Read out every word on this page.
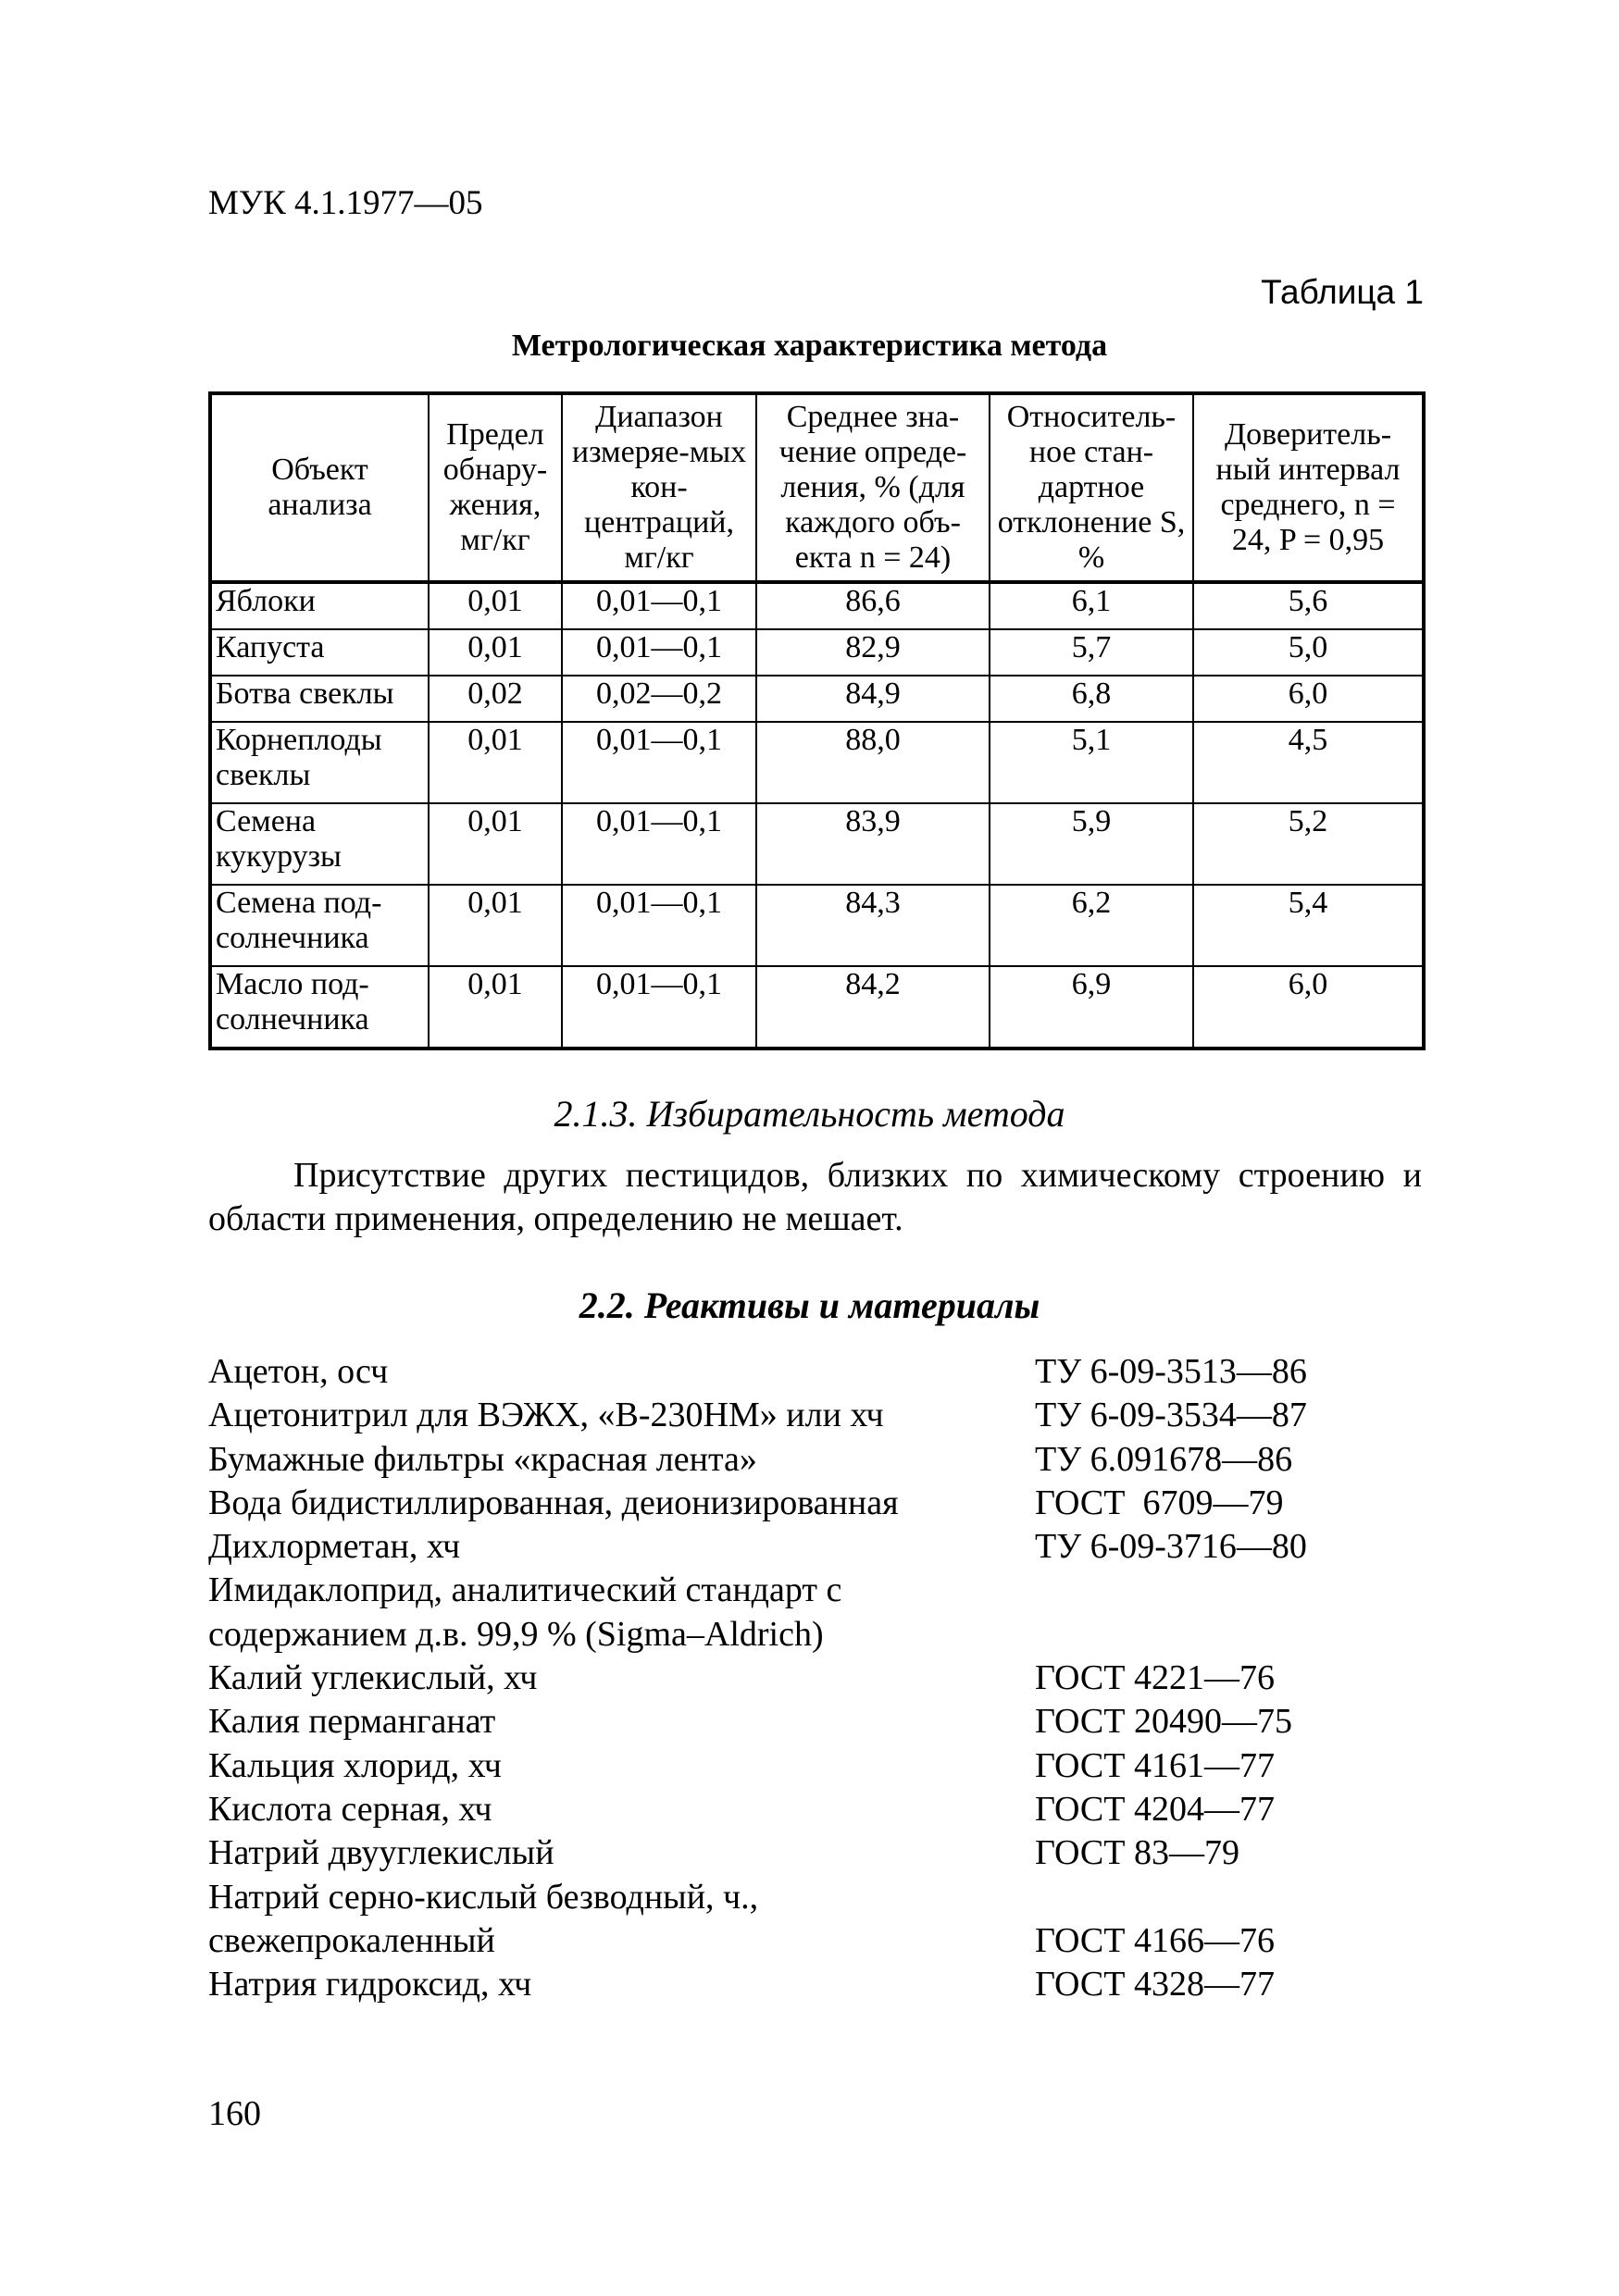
МУК 4.1.1977—05
Таблица 1
Метрологическая характеристика метода
Объект анализа	Предел обнару-жения, мг/кг	Диапазон измеряе-мых кон-центраций, мг/кг	Среднее зна-чение опреде-ления, % (для каждого объ-екта n = 24)	Относитель-ное стан-дартное отклонение S, %	Доверитель-ный интервал среднего, n = 24, P = 0,95
Яблоки	0,01	0,01—0,1	86,6	6,1	5,6
Капуста	0,01	0,01—0,1	82,9	5,7	5,0
Ботва свеклы	0,02	0,02—0,2	84,9	6,8	6,0
Корнеплоды свеклы	0,01	0,01—0,1	88,0	5,1	4,5
Семена кукурузы	0,01	0,01—0,1	83,9	5,9	5,2
Семена под-солнечника	0,01	0,01—0,1	84,3	6,2	5,4
Масло под-солнечника	0,01	0,01—0,1	84,2	6,9	6,0
2.1.3. Избирательность метода

Присутствие других пестицидов, близких по химическому строению и области применения, определению не мешает.

2.2. Реактивы и материалы
Ацетон, осч	ТУ 6-09-3513—86
Ацетонитрил для ВЭЖХ, «В-230НМ» или хч	ТУ 6-09-3534—87
Бумажные фильтры «красная лента»	ТУ 6.091678—86
Вода бидистиллированная, деионизированная	ГОСТ  6709—79
Дихлорметан, хч	ТУ 6-09-3716—80
Имидаклоприд, аналитический стандарт с содержанием д.в. 99,9 % (Sigma–Aldrich)
Калий углекислый, хч	ГОСТ 4221—76
Калия перманганат	ГОСТ 20490—75
Кальция хлорид, хч	ГОСТ 4161—77
Кислота серная, хч	ГОСТ 4204—77
Натрий двууглекислый	ГОСТ 83—79
Натрий серно-кислый безводный, ч., свежепрокаленный	ГОСТ 4166—76
Натрия гидроксид, хч	ГОСТ 4328—77
160
